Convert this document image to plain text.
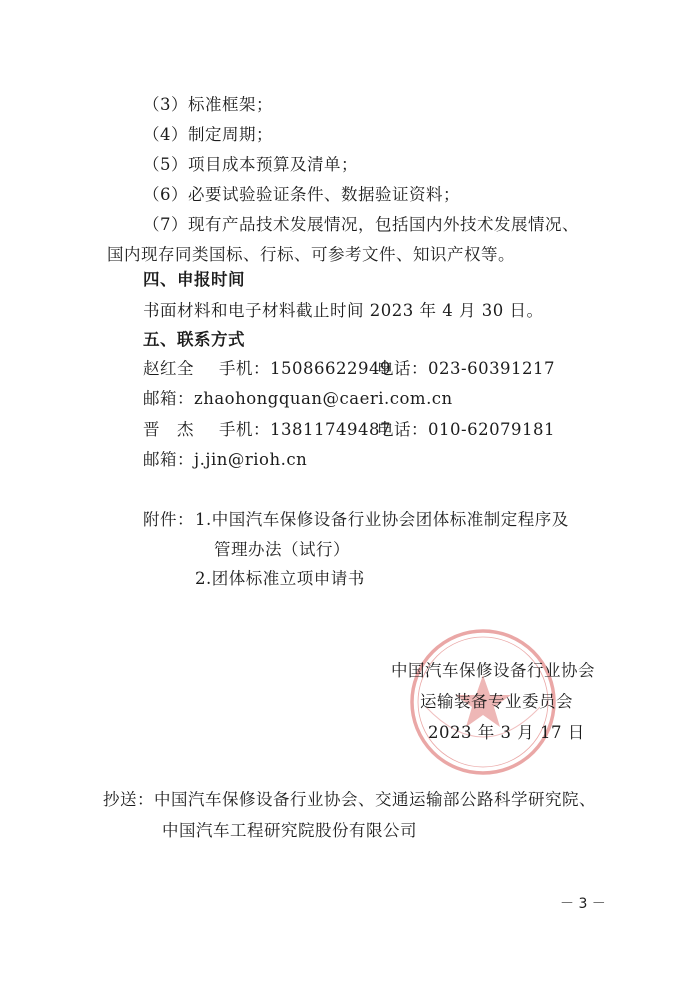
（3）标准框架；
（4）制定周期；
（5）项目成本预算及清单；
（6）必要试验验证条件、数据验证资料；
（7）现有产品技术发展情况，包括国内外技术发展情况、
国内现存同类国标、行标、可参考文件、知识产权等。
四、申报时间
书面材料和电子材料截止时间 2023 年 4 月 30 日。
五、联系方式
赵红全 手机：15086622949电话：023-60391217
邮箱：zhaohongquan@caeri.com.cn
晋　杰 手机：13811749487电话：010-62079181
邮箱：j.jin@rioh.cn
附件： 1.中国汽车保修设备行业协会团体标准制定程序及
管理办法（试行）
2.团体标准立项申请书
中国汽车保修设备行业协会
运输装备专业委员会
2023 年 3 月 17 日
抄送：中国汽车保修设备行业协会、交通运输部公路科学研究院、
中国汽车工程研究院股份有限公司
－ 3 －
